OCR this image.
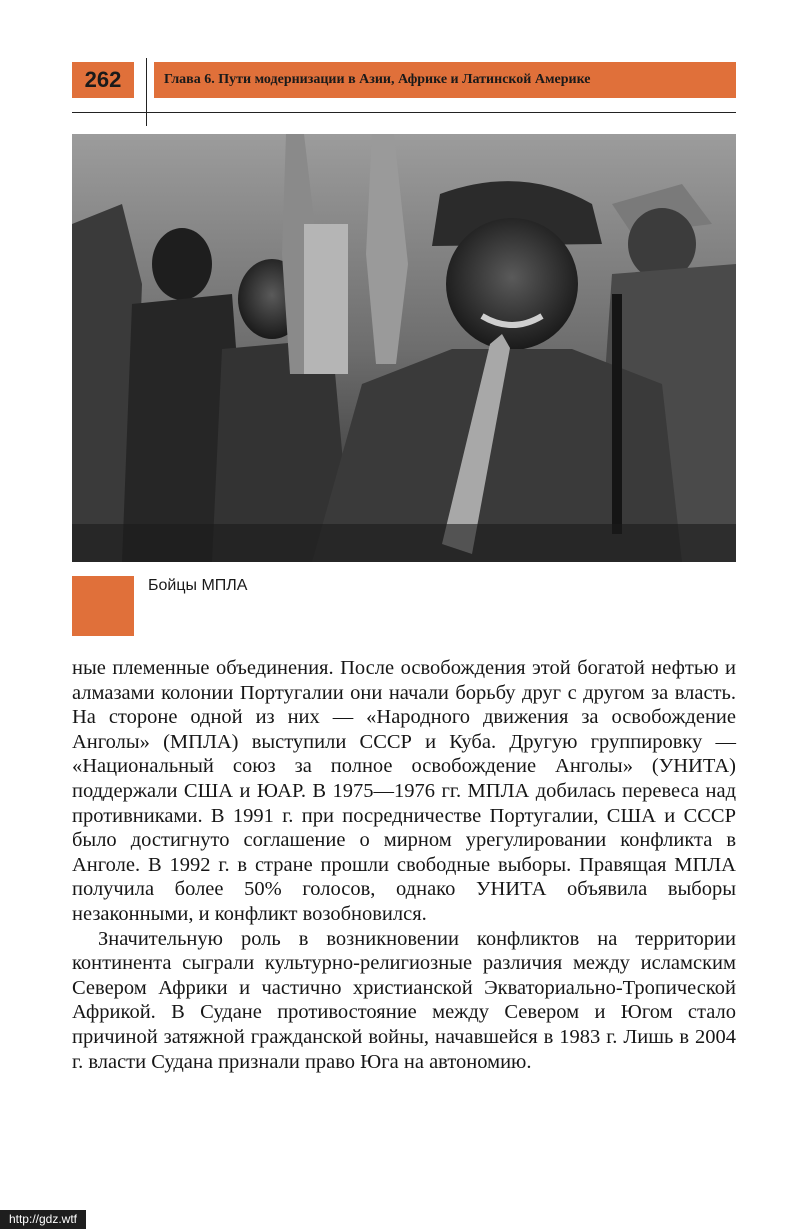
262	Глава 6. Пути модернизации в Азии, Африке и Латинской Америке
Бойцы МПЛА

ные племенные объединения. После освобождения этой богатой нефтью и алмазами колонии Португалии они начали борьбу друг с другом за власть. На стороне одной из них — «Народного движения за освобождение Анголы» (МПЛА) выступили СССР и Куба. Другую группировку — «Национальный союз за полное освобождение Анголы» (УНИТА) поддержали США и ЮАР. В 1975—1976 гг. МПЛА добилась перевеса над противниками. В 1991 г. при посредничестве Португалии, США и СССР было достигнуто соглашение о мирном урегулировании конфликта в Анголе. В 1992 г. в стране прошли свободные выборы. Правящая МПЛА получила более 50% голосов, однако УНИТА объявила выборы незаконными, и конфликт возобновился.

Значительную роль в возникновении конфликтов на территории континента сыграли культурно-религиозные различия между исламским Севером Африки и частично христианской Экваториально-Тропической Африкой. В Судане противостояние между Севером и Югом стало причиной затяжной гражданской войны, начавшейся в 1983 г. Лишь в 2004 г. власти Судана признали право Юга на автономию.

http://gdz.wtf
